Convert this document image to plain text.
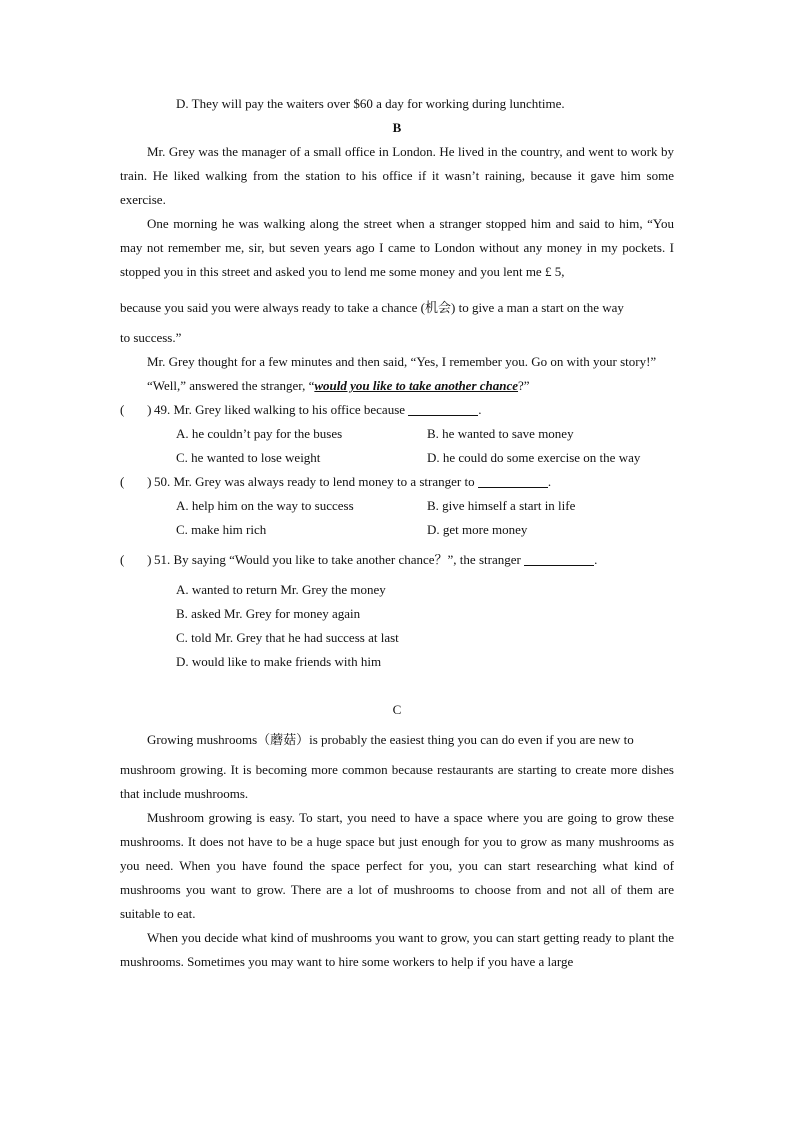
D. They will pay the waiters over $60 a day for working during lunchtime.

B

Mr. Grey was the manager of a small office in London. He lived in the country, and went to work by train. He liked walking from the station to his office if it wasn’t raining, because it gave him some exercise.

One morning he was walking along the street when a stranger stopped him and said to him, “You may not remember me, sir, but seven years ago I came to London without any money in my pockets. I stopped you in this street and asked you to lend me some money and you lent me £ 5,

because you said you were always ready to take a chance (机会) to give a man a start on the way

to success.”

Mr. Grey thought for a few minutes and then said, “Yes, I remember you. Go on with your story!”

“Well,” answered the stranger, “would you like to take another chance?”

( ) 49. Mr. Grey liked walking to his office because	.

A. he couldn’t pay for the buses	B. he wanted to save money
C. he wanted to lose weight	D. he could do some exercise on the way

( ) 50. Mr. Grey was always ready to lend money to a stranger to	.

A. help him on the way to success	B. give himself a start in life
C. make him rich	D. get more money

( ) 51. By saying “Would you like to take another chance？”, the stranger	.

A. wanted to return Mr. Grey the money

B. asked Mr. Grey for money again

C. told Mr. Grey that he had success at last

D. would like to make friends with him

C

Growing mushrooms（蘑菇）is probably the easiest thing you can do even if you are new to

mushroom growing. It is becoming more common because restaurants are starting to create more dishes that include mushrooms.

Mushroom growing is easy. To start, you need to have a space where you are going to grow these mushrooms. It does not have to be a huge space but just enough for you to grow as many mushrooms as you need. When you have found the space perfect for you, you can start researching what kind of mushrooms you want to grow. There are a lot of mushrooms to choose from and not all of them are suitable to eat.

When you decide what kind of mushrooms you want to grow, you can start getting ready to plant the mushrooms. Sometimes you may want to hire some workers to help if you have a large
